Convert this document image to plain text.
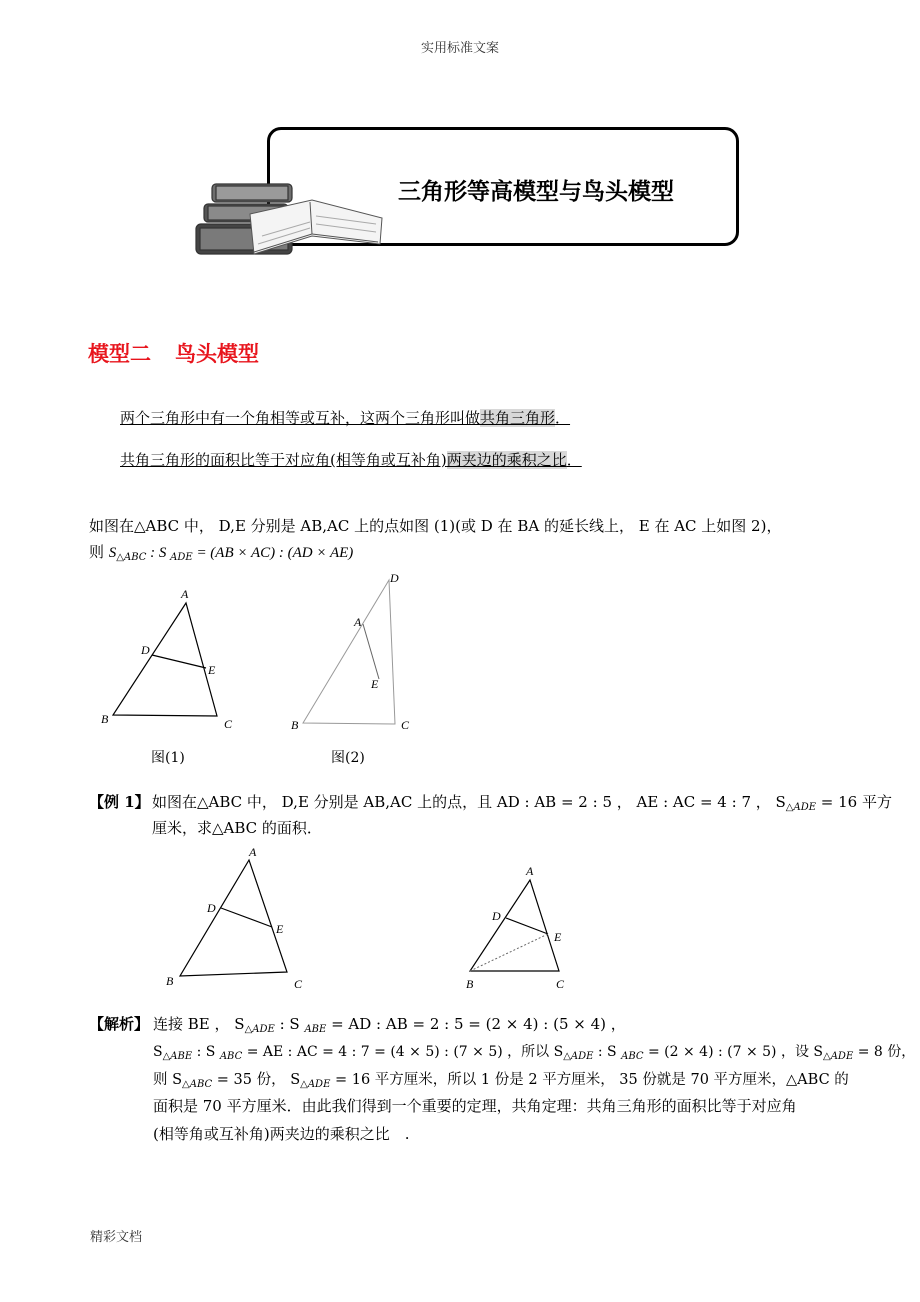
实用标准文案
精彩文档
三角形等高模型与鸟头模型
模型二 鸟头模型
两个三角形中有一个角相等或互补，这两个三角形叫做共角三角形．
共角三角形的面积比等于对应角(相等角或互补角)两夹边的乘积之比．
如图在△ABC 中， D,E 分别是 AB,AC 上的点如图 (1)(或 D 在 BA 的延长线上， E 在 AC 上如图 2)，
则 $S_{\triangle ABC}$ : S $_{ADE}$ = (AB × AC) : (AD × AE)
A
D
E
B	C
图(1)
D
A
E
B	C
图(2)
【例 1】 如图在△ABC 中， D,E 分别是 AB,AC 上的点，且 AD : AB = 2 : 5 ， AE : AC = 4 : 7 ， $S_{\triangle ADE} = 16$ 平方
厘米，求△ABC 的面积．
A
D
E
B	C
A
D
E
B	C
【解析】 连接 BE ， $S_{\triangle ADE}$ : S $_{ABE}$ = AD : AB = 2 : 5 = (2 × 4) : (5 × 4) ，
$S_{\triangle ABE}$ : S $_{ABC}$ = AE : AC = 4 : 7 = (4 × 5) : (7 × 5) ，所以 $S_{\triangle ADE}$ : S $_{ABC}$ = (2 × 4) : (7 × 5) ，设 $S_{\triangle ADE} = 8$ 份，
则 $S_{\triangle ABC} = 35$ 份， $S_{\triangle ADE} = 16$ 平方厘米，所以 1 份是 2 平方厘米， 35 份就是 70 平方厘米，△ABC 的
面积是 70 平方厘米．由此我们得到一个重要的定理，共角定理：共角三角形的面积比等于对应角
(相等角或互补角)两夹边的乘积之比　.
